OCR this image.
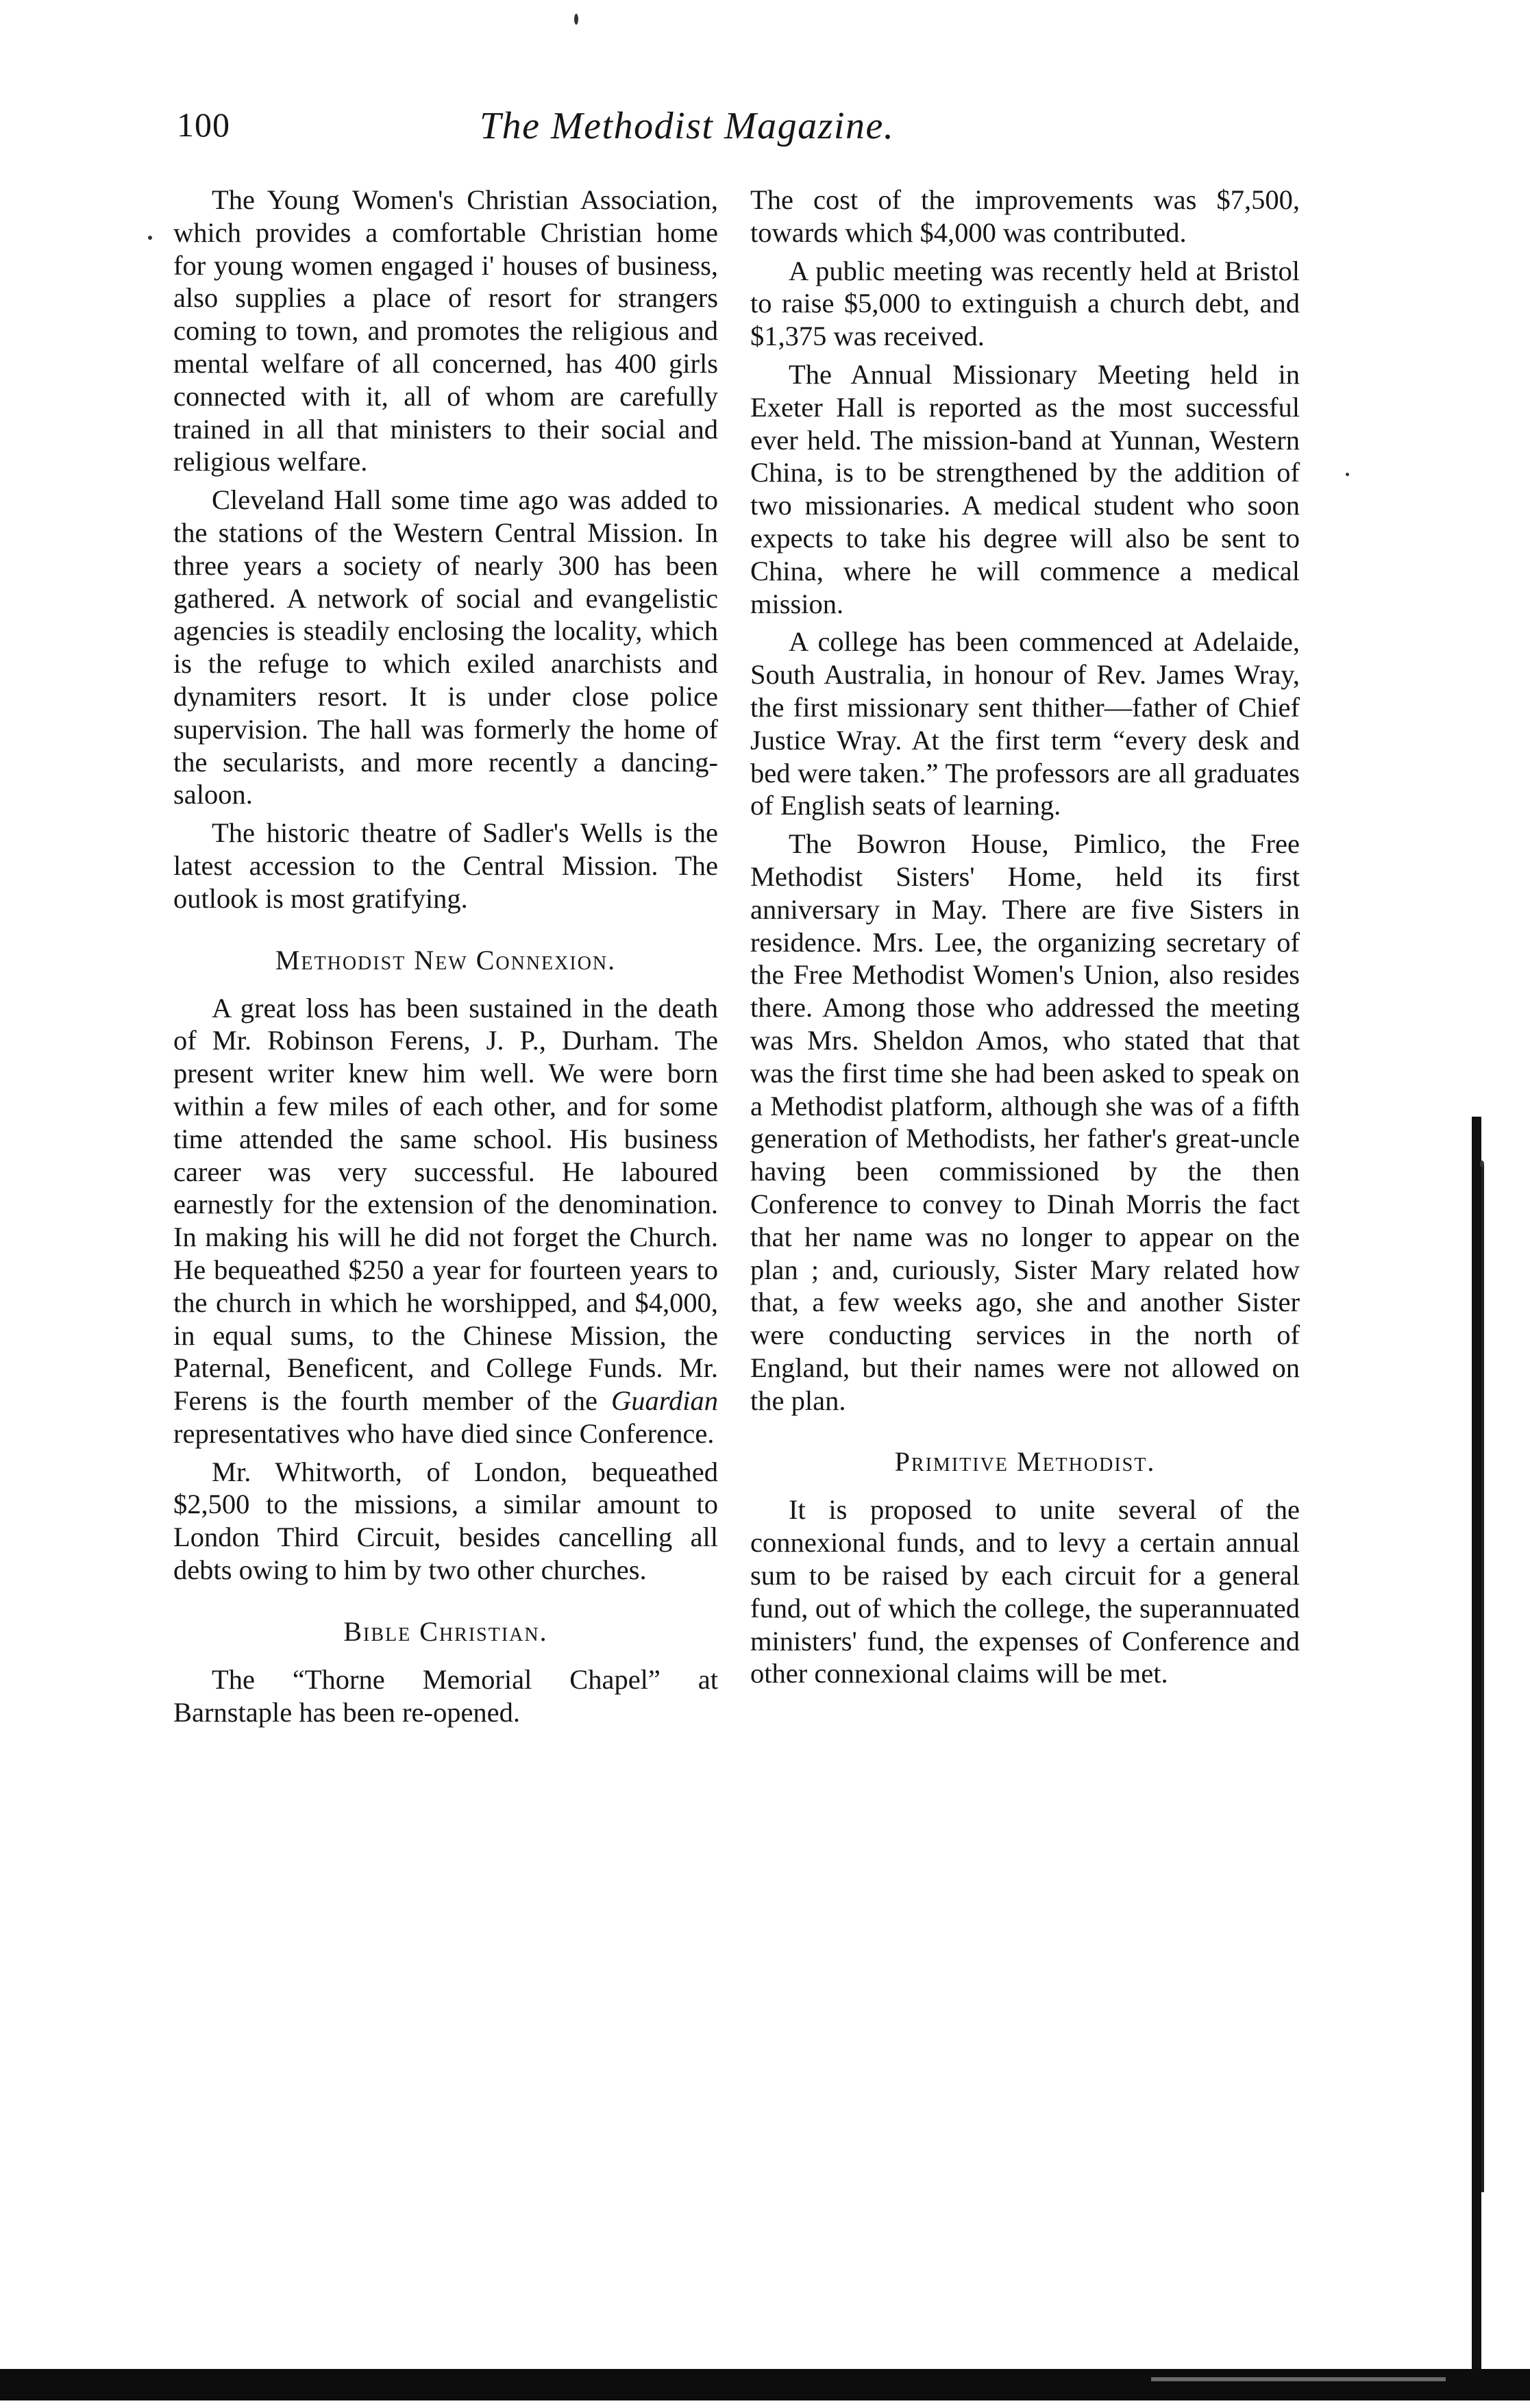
100	The Methodist Magazine.

The Young Women's Christian Association, which provides a comfortable Christian home for young women engaged i' houses of business, also supplies a place of resort for strangers coming to town, and promotes the religious and mental welfare of all concerned, has 400 girls connected with it, all of whom are carefully trained in all that ministers to their social and religious welfare.

Cleveland Hall some time ago was added to the stations of the Western Central Mission. In three years a society of nearly 300 has been gathered. A network of social and evangelistic agencies is steadily enclosing the locality, which is the refuge to which exiled anarchists and dynamiters resort. It is under close police supervision. The hall was formerly the home of the secularists, and more recently a dancing-saloon.

The historic theatre of Sadler's Wells is the latest accession to the Central Mission. The outlook is most gratifying.

Methodist New Connexion.

A great loss has been sustained in the death of Mr. Robinson Ferens, J. P., Durham. The present writer knew him well. We were born within a few miles of each other, and for some time attended the same school. His business career was very successful. He laboured earnestly for the extension of the denomination. In making his will he did not forget the Church. He bequeathed $250 a year for fourteen years to the church in which he worshipped, and $4,000, in equal sums, to the Chinese Mission, the Paternal, Beneficent, and College Funds. Mr. Ferens is the fourth member of the Guardian representatives who have died since Conference.

Mr. Whitworth, of London, bequeathed $2,500 to the missions, a similar amount to London Third Circuit, besides cancelling all debts owing to him by two other churches.

Bible Christian.

The “Thorne Memorial Chapel” at Barnstaple has been re-opened.

The cost of the improvements was $7,500, towards which $4,000 was contributed.

A public meeting was recently held at Bristol to raise $5,000 to extinguish a church debt, and $1,375 was received.

The Annual Missionary Meeting held in Exeter Hall is reported as the most successful ever held. The mission-band at Yunnan, Western China, is to be strengthened by the addition of two missionaries. A medical student who soon expects to take his degree will also be sent to China, where he will commence a medical mission.

A college has been commenced at Adelaide, South Australia, in honour of Rev. James Wray, the first missionary sent thither—father of Chief Justice Wray. At the first term “every desk and bed were taken.” The professors are all graduates of English seats of learning.

The Bowron House, Pimlico, the Free Methodist Sisters' Home, held its first anniversary in May. There are five Sisters in residence. Mrs. Lee, the organizing secretary of the Free Methodist Women's Union, also resides there. Among those who addressed the meeting was Mrs. Sheldon Amos, who stated that that was the first time she had been asked to speak on a Methodist platform, although she was of a fifth generation of Methodists, her father's great-uncle having been commissioned by the then Conference to convey to Dinah Morris the fact that her name was no longer to appear on the plan ; and, curiously, Sister Mary related how that, a few weeks ago, she and another Sister were conducting services in the north of England, but their names were not allowed on the plan.

Primitive Methodist.

It is proposed to unite several of the connexional funds, and to levy a certain annual sum to be raised by each circuit for a general fund, out of which the college, the superannuated ministers' fund, the expenses of Conference and other connexional claims will be met.
